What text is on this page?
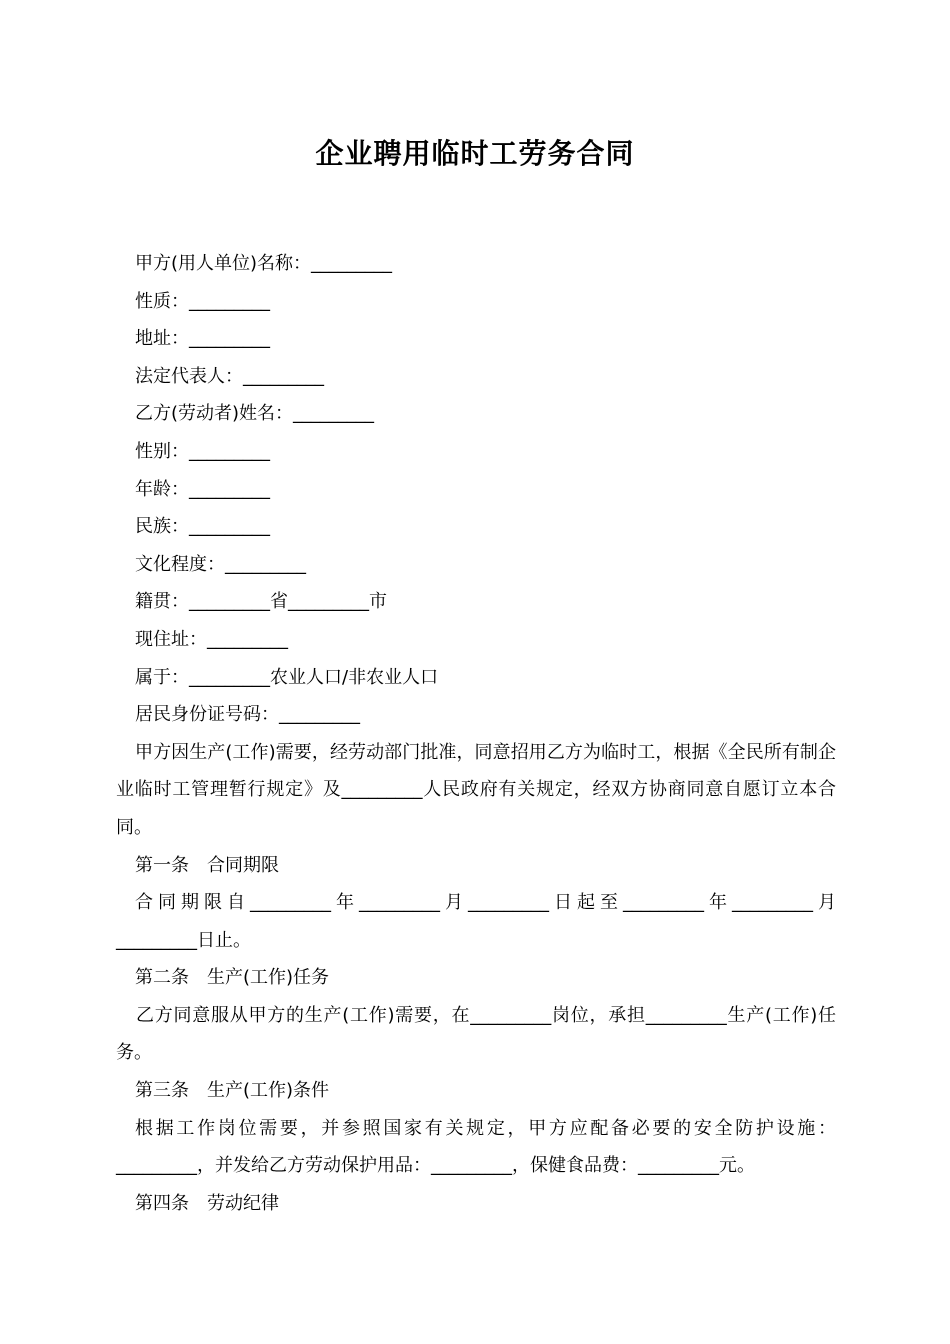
企业聘用临时工劳务合同

甲方(用人单位)名称：_________

性质：_________

地址：_________

法定代表人：_________

乙方(劳动者)姓名：_________

性别：_________

年龄：_________

民族：_________

文化程度：_________

籍贯：_________省_________市

现住址：_________

属于：_________农业人口/非农业人口

居民身份证号码：_________

甲方因生产(工作)需要，经劳动部门批准，同意招用乙方为临时工，根据《全民所有制企业临时工管理暂行规定》及_________人民政府有关规定，经双方协商同意自愿订立本合同。

第一条　合同期限

合同期限自_________年_________月_________日起至_________年_________月_________日止。

第二条　生产(工作)任务

乙方同意服从甲方的生产(工作)需要，在_________岗位，承担_________生产(工作)任务。

第三条　生产(工作)条件

根据工作岗位需要，并参照国家有关规定，甲方应配备必要的安全防护设施：_________，并发给乙方劳动保护用品：_________，保健食品费：_________元。

第四条　劳动纪律
